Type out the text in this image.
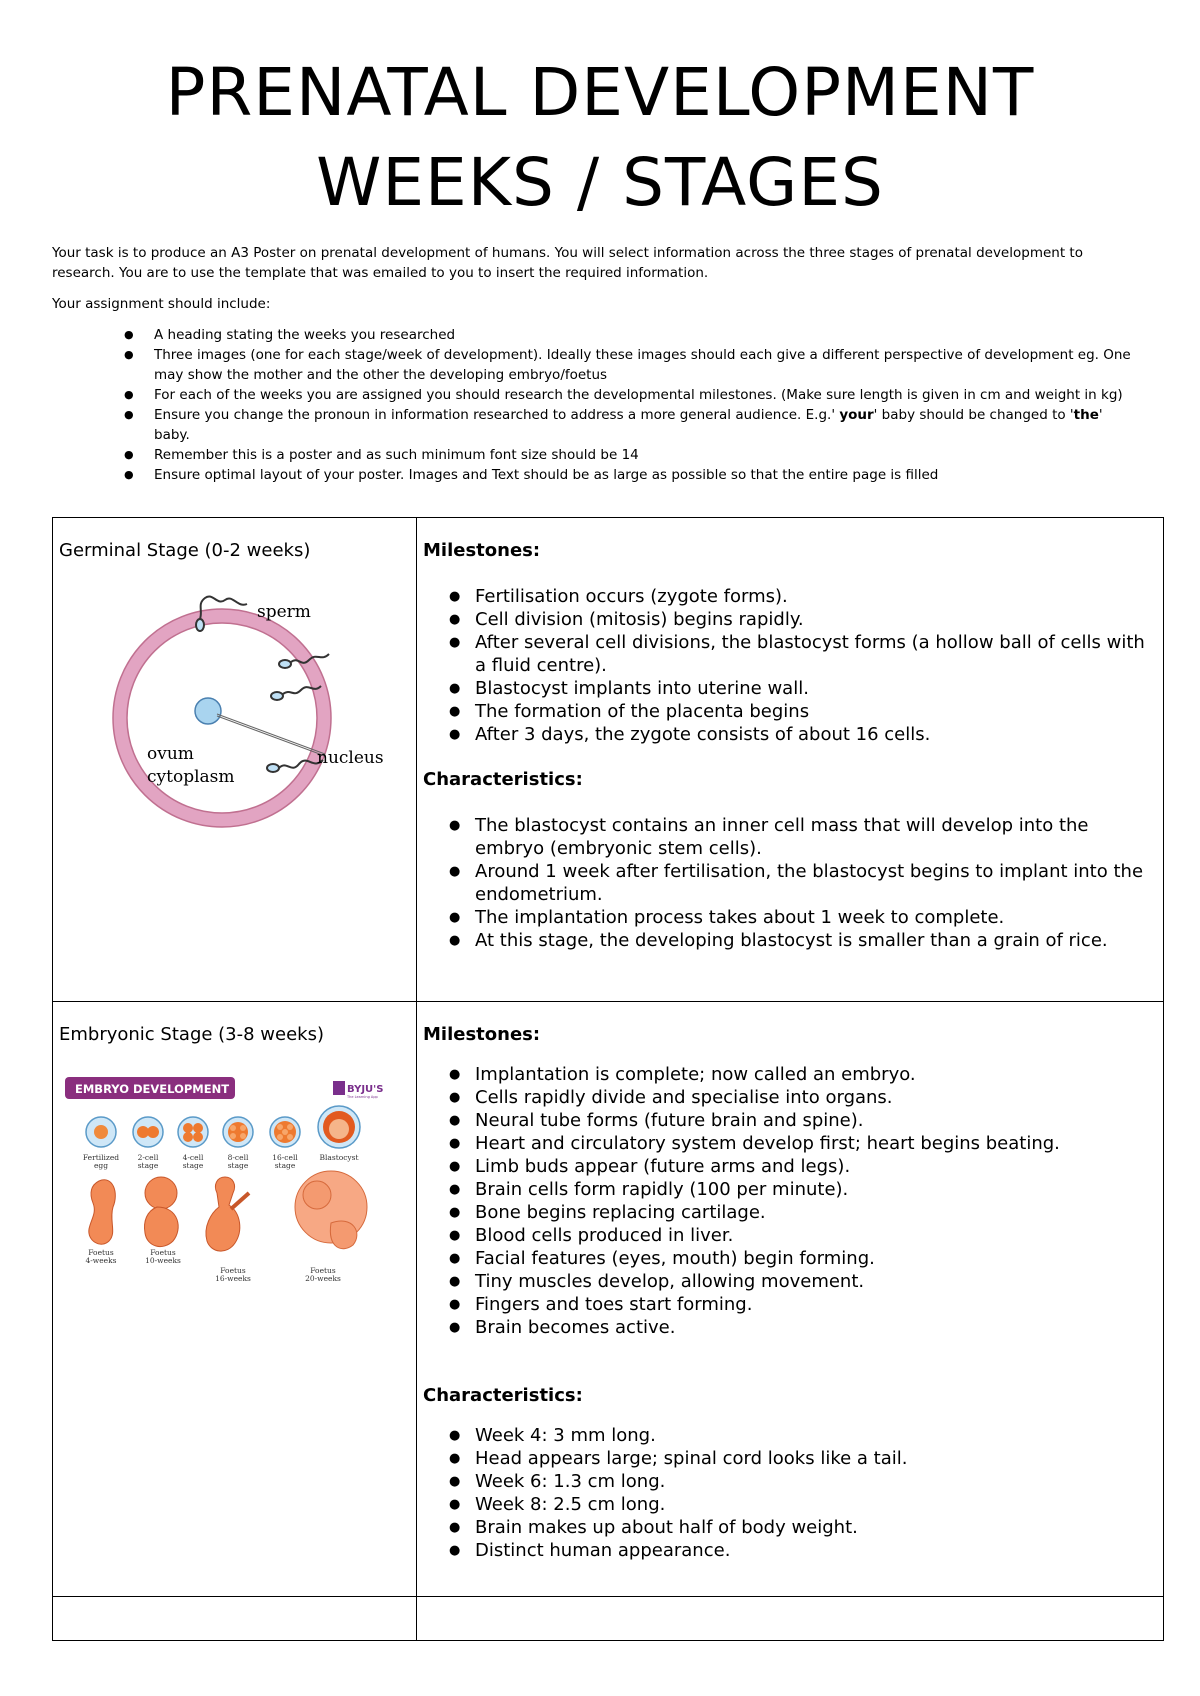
PRENATAL DEVELOPMENT WEEKS / STAGES

Your task is to produce an A3 Poster on prenatal development of humans. You will select information across the three stages of prenatal development to research. You are to use the template that was emailed to you to insert the required information.

Your assignment should include:

● A heading stating the weeks you researched
● Three images (one for each stage/week of development). Ideally these images should each give a different perspective of development eg. One may show the mother and the other the developing embryo/foetus
● For each of the weeks you are assigned you should research the developmental milestones. (Make sure length is given in cm and weight in kg)
● Ensure you change the pronoun in information researched to address a more general audience. E.g.' your' baby should be changed to 'the' baby.
● Remember this is a poster and as such minimum font size should be 14
● Ensure optimal layout of your poster. Images and Text should be as large as possible so that the entire page is filled
Germinal Stage (0-2 weeks)
sperm
nucleus
ovum
cytoplasm

Milestones:

● Fertilisation occurs (zygote forms).
● Cell division (mitosis) begins rapidly.
● After several cell divisions, the blastocyst forms (a hollow ball of cells with a fluid centre).
● Blastocyst implants into uterine wall.
● The formation of the placenta begins
● After 3 days, the zygote consists of about 16 cells.

Characteristics:

● The blastocyst contains an inner cell mass that will develop into the embryo (embryonic stem cells).
● Around 1 week after fertilisation, the blastocyst begins to implant into the endometrium.
● The implantation process takes about 1 week to complete.
● At this stage, the developing blastocyst is smaller than a grain of rice.
Embryonic Stage (3-8 weeks)
EMBRYO DEVELOPMENT	BYJU'S
The Learning App
Fertilized
egg
2-cell
stage
4-cell
stage
8-cell
stage
16-cell
stage
Blastocyst
Foetus
4-weeks
Foetus
10-weeks
Foetus
16-weeks
Foetus
20-weeks

Milestones:

● Implantation is complete; now called an embryo.
● Cells rapidly divide and specialise into organs.
● Neural tube forms (future brain and spine).
● Heart and circulatory system develop first; heart begins beating.
● Limb buds appear (future arms and legs).
● Brain cells form rapidly (100 per minute).
● Bone begins replacing cartilage.
● Blood cells produced in liver.
● Facial features (eyes, mouth) begin forming.
● Tiny muscles develop, allowing movement.
● Fingers and toes start forming.
● Brain becomes active.

Characteristics:

● Week 4: 3 mm long.
● Head appears large; spinal cord looks like a tail.
● Week 6: 1.3 cm long.
● Week 8: 2.5 cm long.
● Brain makes up about half of body weight.
● Distinct human appearance.
